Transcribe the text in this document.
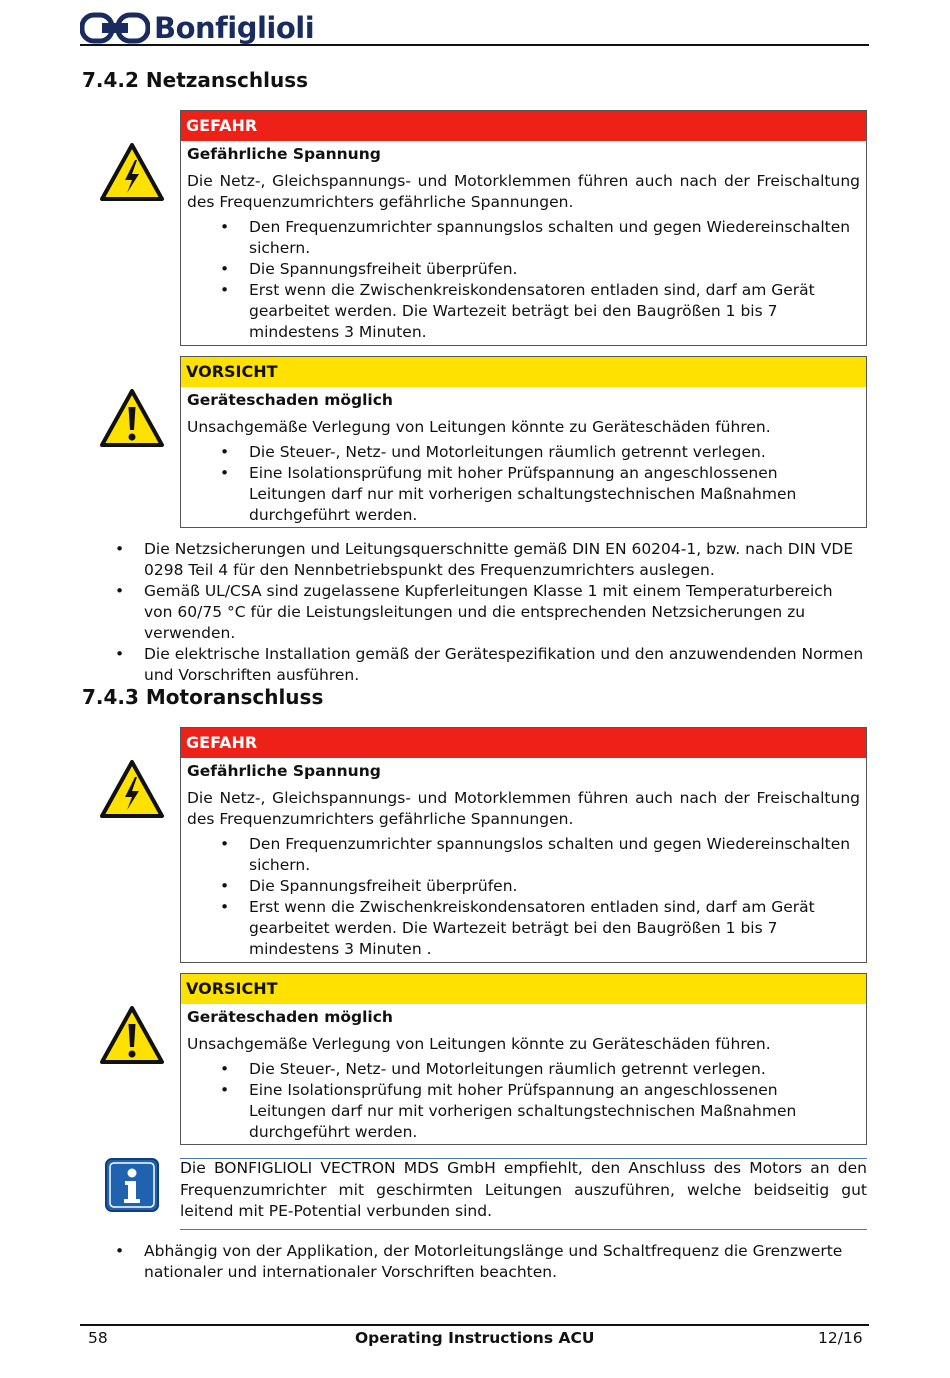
Bonfiglioli
7.4.2 Netzanschluss
GEFAHR
Gefährliche Spannung
Die Netz-, Gleichspannungs- und Motorklemmen führen auch nach der Freischaltung des Frequenzumrichters gefährliche Spannungen.
• Den Frequenzumrichter spannungslos schalten und gegen Wiedereinschalten sichern.
• Die Spannungsfreiheit überprüfen.
• Erst wenn die Zwischenkreiskondensatoren entladen sind, darf am Gerät gearbeitet werden. Die Wartezeit beträgt bei den Baugrößen 1 bis 7 mindestens 3 Minuten.
VORSICHT
Geräteschaden möglich
Unsachgemäße Verlegung von Leitungen könnte zu Geräteschäden führen.
• Die Steuer-, Netz- und Motorleitungen räumlich getrennt verlegen.
• Eine Isolationsprüfung mit hoher Prüfspannung an angeschlossenen Leitungen darf nur mit vorherigen schaltungstechnischen Maßnahmen durchgeführt werden.
• Die Netzsicherungen und Leitungsquerschnitte gemäß DIN EN 60204-1, bzw. nach DIN VDE 0298 Teil 4 für den Nennbetriebspunkt des Frequenzumrichters auslegen.
• Gemäß UL/CSA sind zugelassene Kupferleitungen Klasse 1 mit einem Temperaturbereich von 60/75 °C für die Leistungsleitungen und die entsprechenden Netzsicherungen zu verwenden.
• Die elektrische Installation gemäß der Gerätespezifikation und den anzuwendenden Normen und Vorschriften ausführen.
7.4.3 Motoranschluss
GEFAHR
Gefährliche Spannung
Die Netz-, Gleichspannungs- und Motorklemmen führen auch nach der Freischaltung des Frequenzumrichters gefährliche Spannungen.
• Den Frequenzumrichter spannungslos schalten und gegen Wiedereinschalten sichern.
• Die Spannungsfreiheit überprüfen.
• Erst wenn die Zwischenkreiskondensatoren entladen sind, darf am Gerät gearbeitet werden. Die Wartezeit beträgt bei den Baugrößen 1 bis 7 mindestens 3 Minuten .
VORSICHT
Geräteschaden möglich
Unsachgemäße Verlegung von Leitungen könnte zu Geräteschäden führen.
• Die Steuer-, Netz- und Motorleitungen räumlich getrennt verlegen.
• Eine Isolationsprüfung mit hoher Prüfspannung an angeschlossenen Leitungen darf nur mit vorherigen schaltungstechnischen Maßnahmen durchgeführt werden.
Die BONFIGLIOLI VECTRON MDS GmbH empfiehlt, den Anschluss des Motors an den Frequenzumrichter mit geschirmten Leitungen auszuführen, welche beidseitig gut leitend mit PE-Potential verbunden sind.
• Abhängig von der Applikation, der Motorleitungslänge und Schaltfrequenz die Grenzwerte nationaler und internationaler Vorschriften beachten.
58	Operating Instructions ACU	12/16
